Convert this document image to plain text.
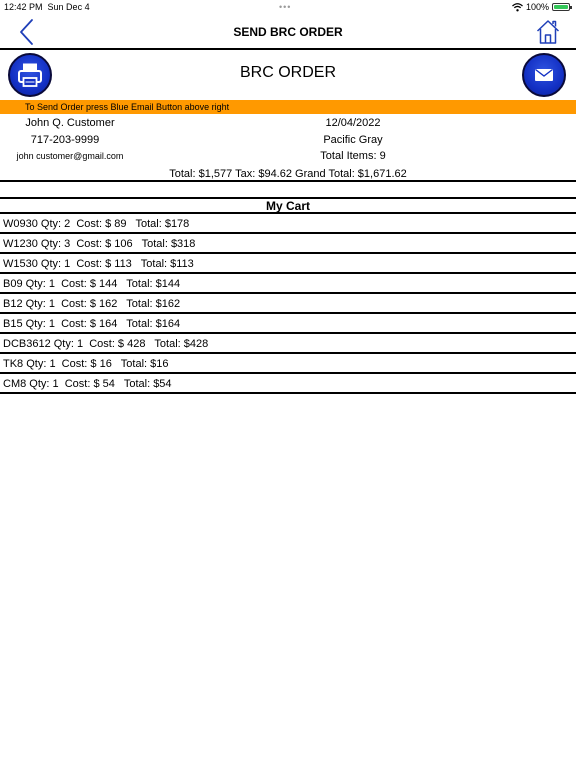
12:42 PM Sun Dec 4	•••	100%
SEND BRC ORDER
BRC ORDER
To Send Order press Blue Email Button above right
John Q. Customer
717-203-9999
john customer@gmail.com
12/04/2022
Pacific Gray
Total Items: 9
Total: $1,577 Tax: $94.62 Grand Total: $1,671.62
My Cart
W0930 Qty: 2  Cost: $ 89   Total: $178
W1230 Qty: 3  Cost: $ 106   Total: $318
W1530 Qty: 1  Cost: $ 113   Total: $113
B09 Qty: 1  Cost: $ 144   Total: $144
B12 Qty: 1  Cost: $ 162   Total: $162
B15 Qty: 1  Cost: $ 164   Total: $164
DCB3612 Qty: 1  Cost: $ 428   Total: $428
TK8 Qty: 1  Cost: $ 16   Total: $16
CM8 Qty: 1  Cost: $ 54   Total: $54
